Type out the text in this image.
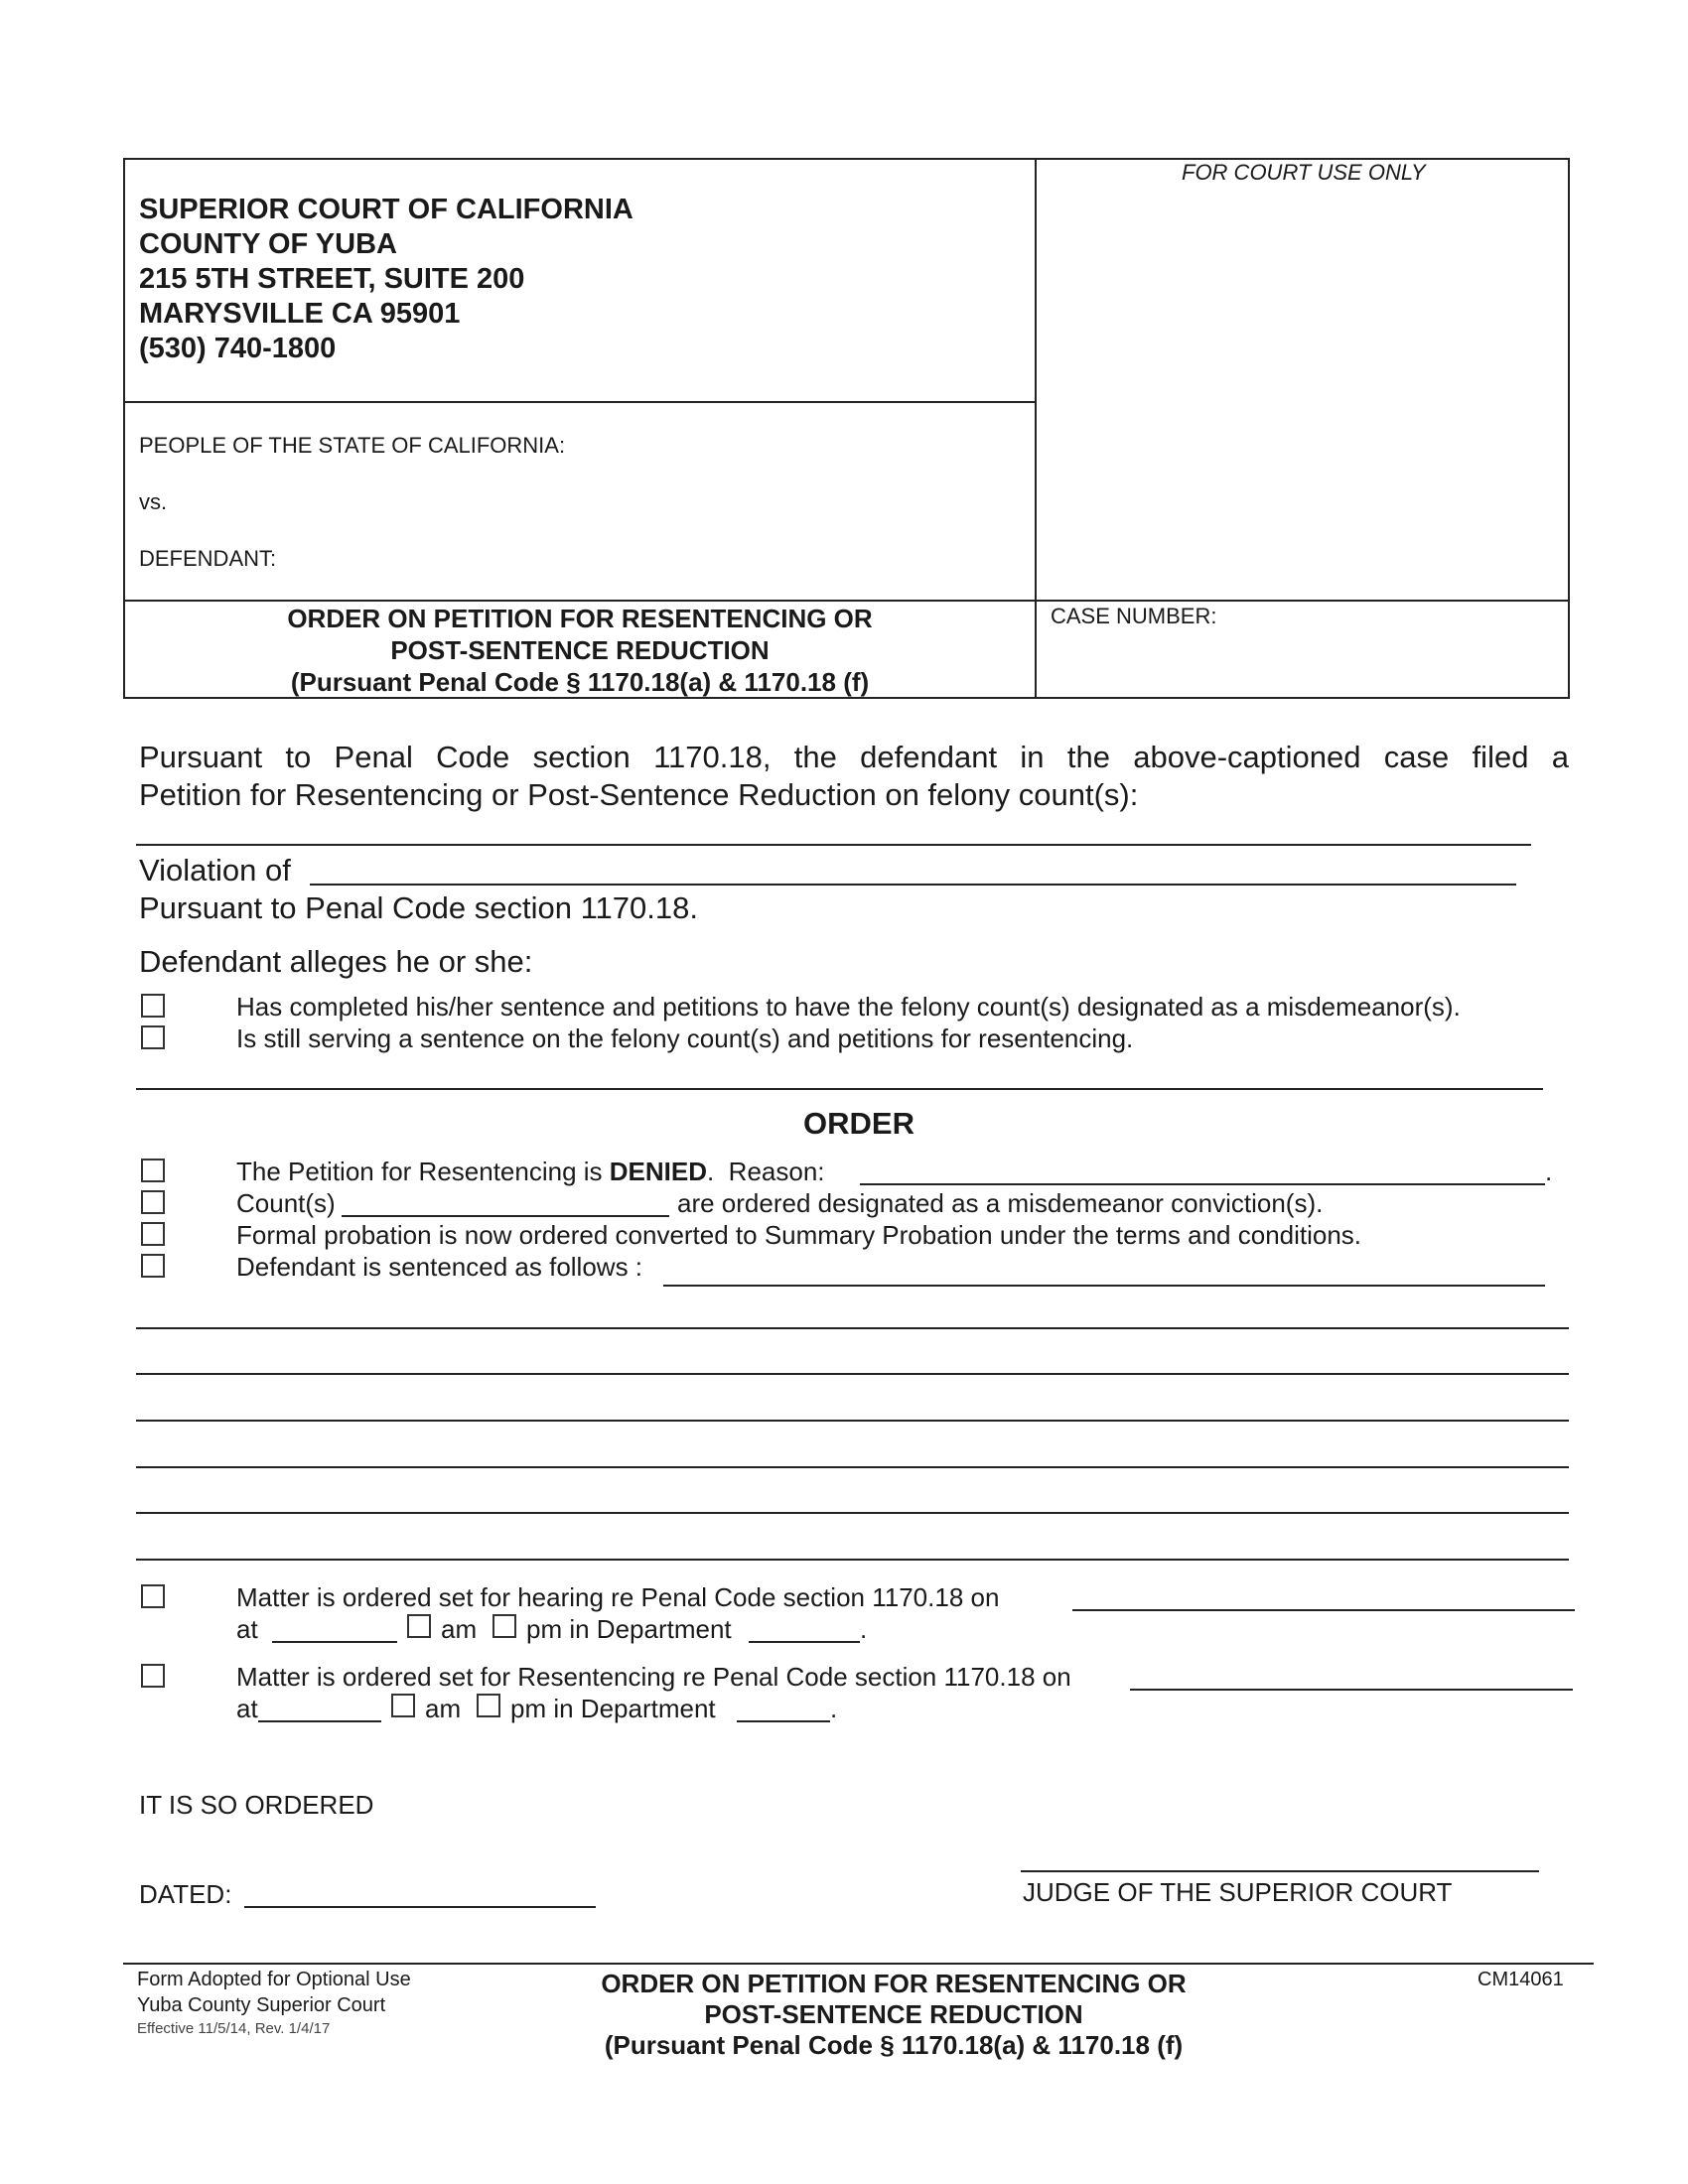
FOR COURT USE ONLY
SUPERIOR COURT OF CALIFORNIA
COUNTY OF YUBA
215 5TH STREET, SUITE 200
MARYSVILLE CA 95901
(530) 740-1800
PEOPLE OF THE STATE OF CALIFORNIA:
vs.
DEFENDANT:
ORDER ON PETITION FOR RESENTENCING OR
POST-SENTENCE REDUCTION
(Pursuant Penal Code § 1170.18(a) & 1170.18 (f)
CASE NUMBER:
Pursuant to Penal Code section 1170.18, the defendant in the above-captioned case filed a
Petition for Resentencing or Post-Sentence Reduction on felony count(s):
Violation of
Pursuant to Penal Code section 1170.18.
Defendant alleges he or she:
Has completed his/her sentence and petitions to have the felony count(s) designated as a misdemeanor(s).
Is still serving a sentence on the felony count(s) and petitions for resentencing.
ORDER
The Petition for Resentencing is DENIED.  Reason:	.
Count(s)	are ordered designated as a misdemeanor conviction(s).
Formal probation is now ordered converted to Summary Probation under the terms and conditions.
Defendant is sentenced as follows :
Matter is ordered set for hearing re Penal Code section 1170.18 on
at	am pm in Department	.
Matter is ordered set for Resentencing re Penal Code section 1170.18 on
at	am pm in Department	.
IT IS SO ORDERED
DATED:	JUDGE OF THE SUPERIOR COURT
Form Adopted for Optional Use
Yuba County Superior Court
Effective 11/5/14, Rev. 1/4/17
ORDER ON PETITION FOR RESENTENCING OR
POST-SENTENCE REDUCTION
(Pursuant Penal Code § 1170.18(a) & 1170.18 (f)
CM14061
